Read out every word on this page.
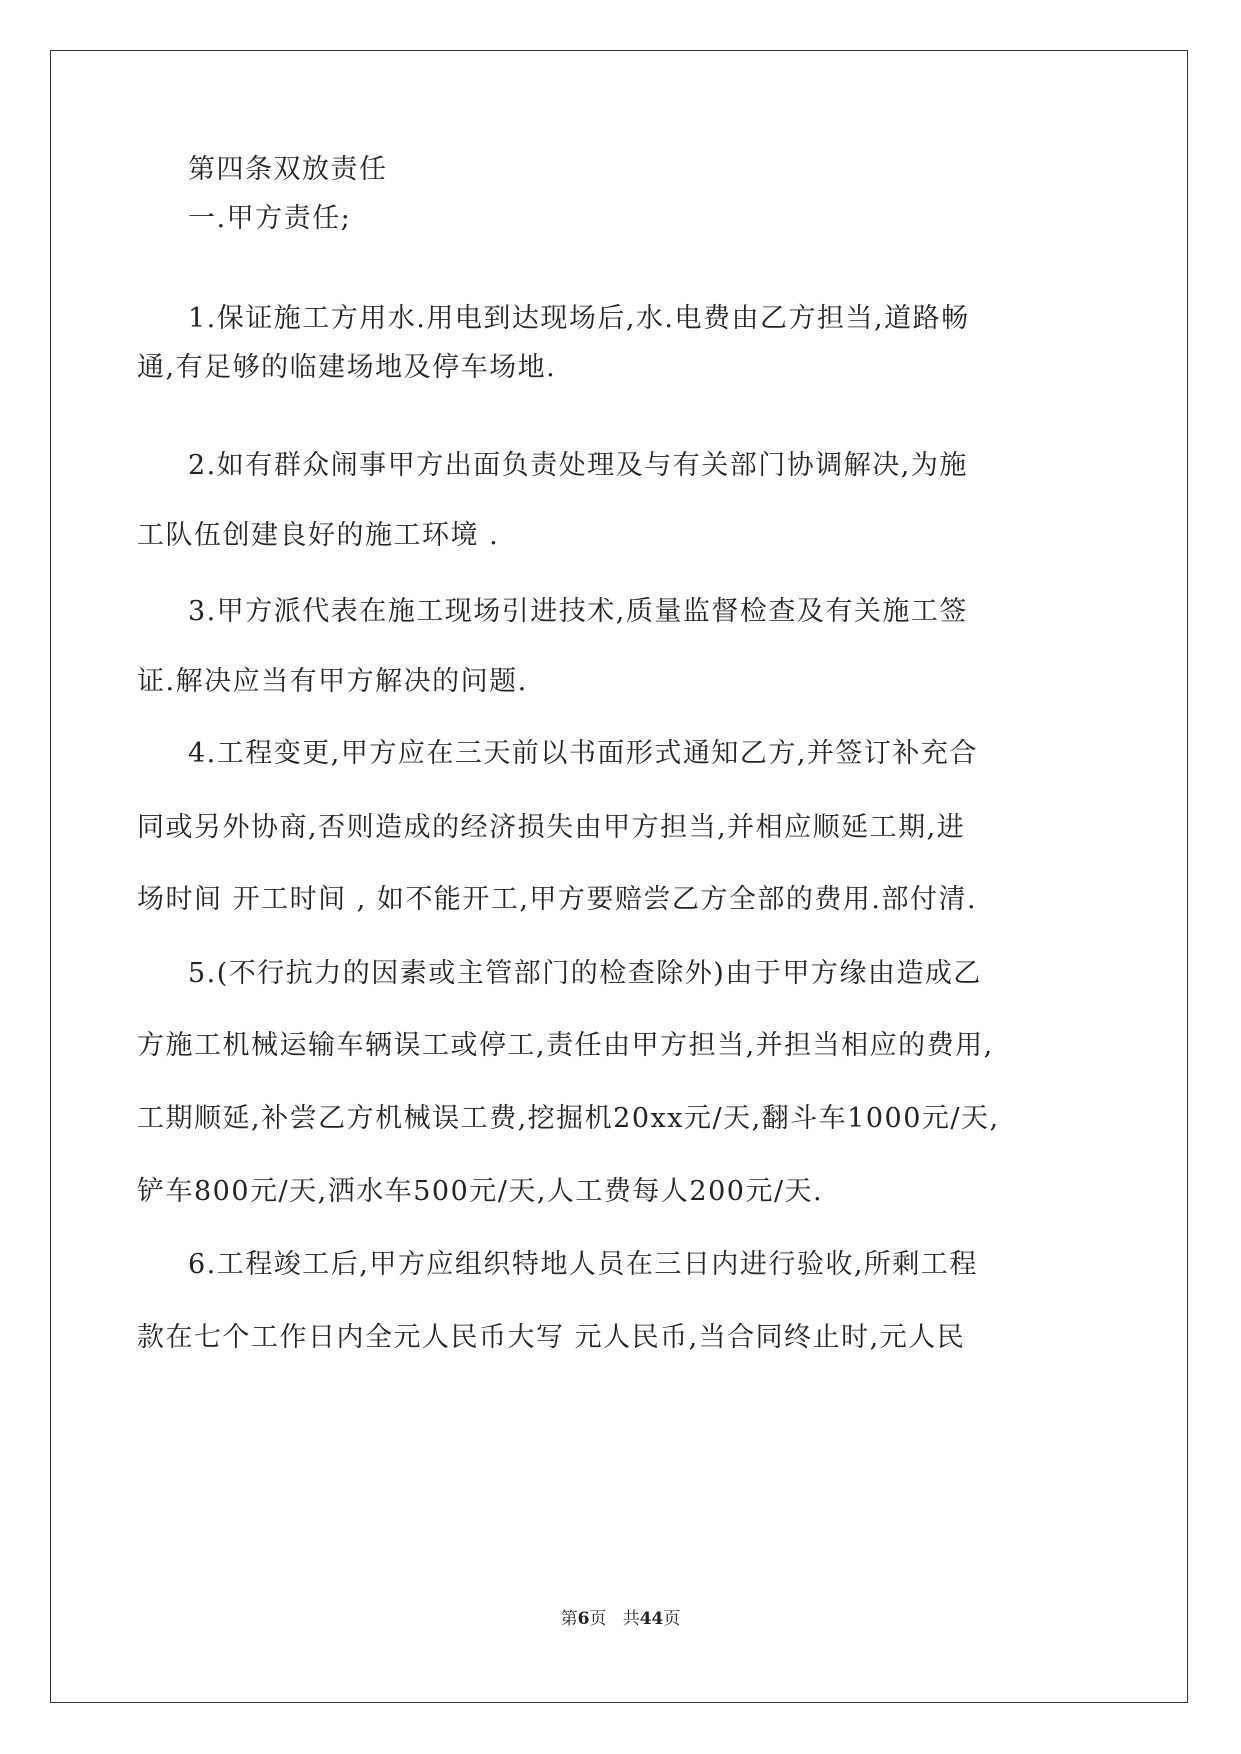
第四条双放责任
一.甲方责任;
1.保证施工方用水.用电到达现场后,水.电费由乙方担当,道路畅
通,有足够的临建场地及停车场地.
2.如有群众闹事甲方出面负责处理及与有关部门协调解决,为施
工队伍创建良好的施工环境 .
3.甲方派代表在施工现场引进技术,质量监督检查及有关施工签
证.解决应当有甲方解决的问题.
4.工程变更,甲方应在三天前以书面形式通知乙方,并签订补充合
同或另外协商,否则造成的经济损失由甲方担当,并相应顺延工期,进
场时间 开工时间 , 如不能开工,甲方要赔尝乙方全部的费用.部付清.
5.(不行抗力的因素或主管部门的检查除外)由于甲方缘由造成乙
方施工机械运输车辆误工或停工,责任由甲方担当,并担当相应的费用,
工期顺延,补尝乙方机械误工费,挖掘机20xx元/天,翻斗车1000元/天,
铲车800元/天,洒水车500元/天,人工费每人200元/天.
6.工程竣工后,甲方应组织特地人员在三日内进行验收,所剩工程
款在七个工作日内全元人民币大写 元人民币,当合同终止时,元人民
第6页 共44页
